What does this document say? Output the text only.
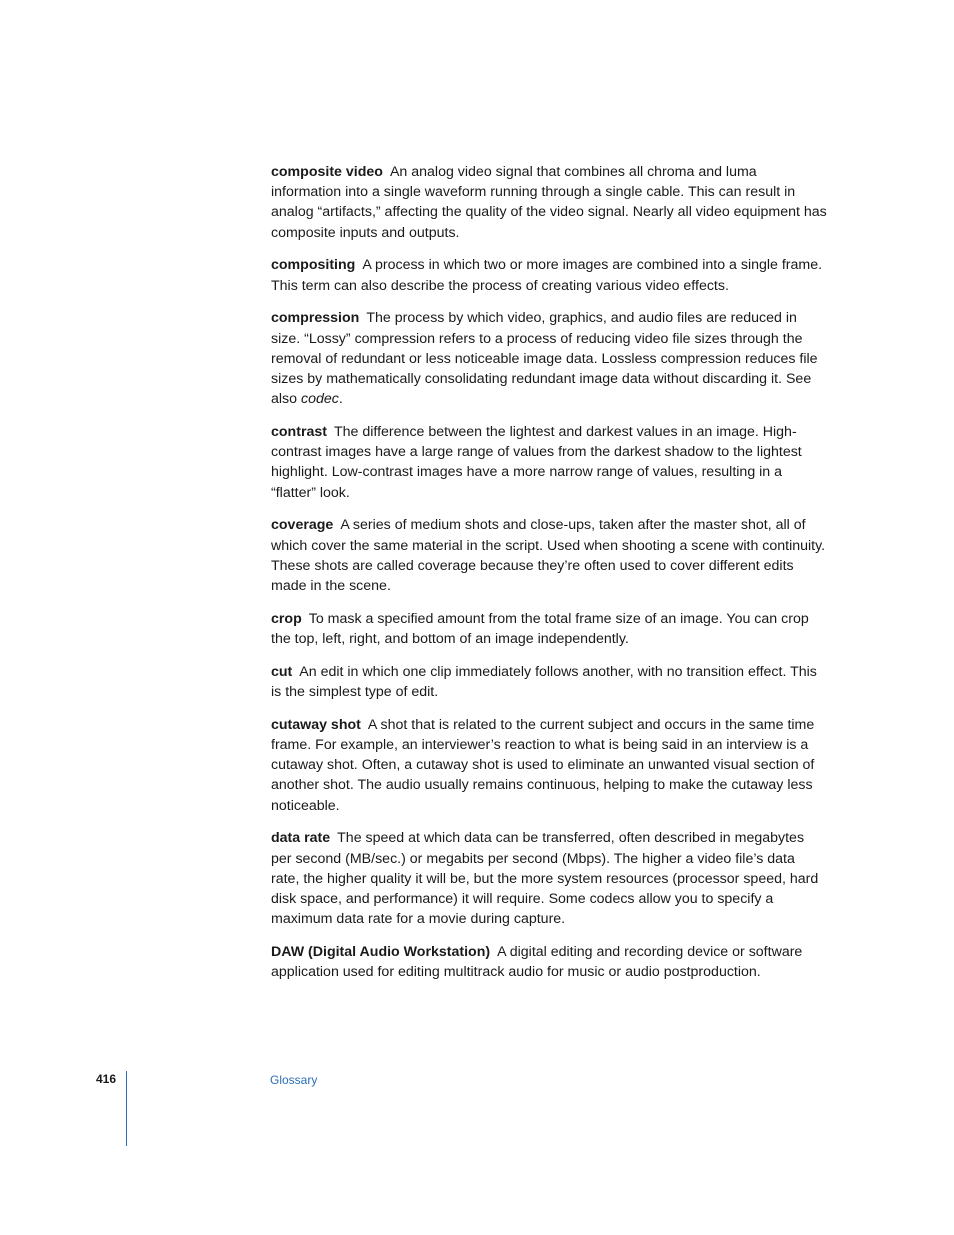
composite video An analog video signal that combines all chroma and luma information into a single waveform running through a single cable. This can result in analog “artifacts,” affecting the quality of the video signal. Nearly all video equipment has composite inputs and outputs.

compositing A process in which two or more images are combined into a single frame. This term can also describe the process of creating various video effects.

compression The process by which video, graphics, and audio files are reduced in size. “Lossy” compression refers to a process of reducing video file sizes through the removal of redundant or less noticeable image data. Lossless compression reduces file sizes by mathematically consolidating redundant image data without discarding it. See also codec.

contrast The difference between the lightest and darkest values in an image. High-contrast images have a large range of values from the darkest shadow to the lightest highlight. Low-contrast images have a more narrow range of values, resulting in a “flatter” look.

coverage A series of medium shots and close-ups, taken after the master shot, all of which cover the same material in the script. Used when shooting a scene with continuity. These shots are called coverage because they’re often used to cover different edits made in the scene.

crop To mask a specified amount from the total frame size of an image. You can crop the top, left, right, and bottom of an image independently.

cut An edit in which one clip immediately follows another, with no transition effect. This is the simplest type of edit.

cutaway shot A shot that is related to the current subject and occurs in the same time frame. For example, an interviewer’s reaction to what is being said in an interview is a cutaway shot. Often, a cutaway shot is used to eliminate an unwanted visual section of another shot. The audio usually remains continuous, helping to make the cutaway less noticeable.

data rate The speed at which data can be transferred, often described in megabytes per second (MB/sec.) or megabits per second (Mbps). The higher a video file’s data rate, the higher quality it will be, but the more system resources (processor speed, hard disk space, and performance) it will require. Some codecs allow you to specify a maximum data rate for a movie during capture.

DAW (Digital Audio Workstation) A digital editing and recording device or software application used for editing multitrack audio for music or audio postproduction.

416	Glossary
